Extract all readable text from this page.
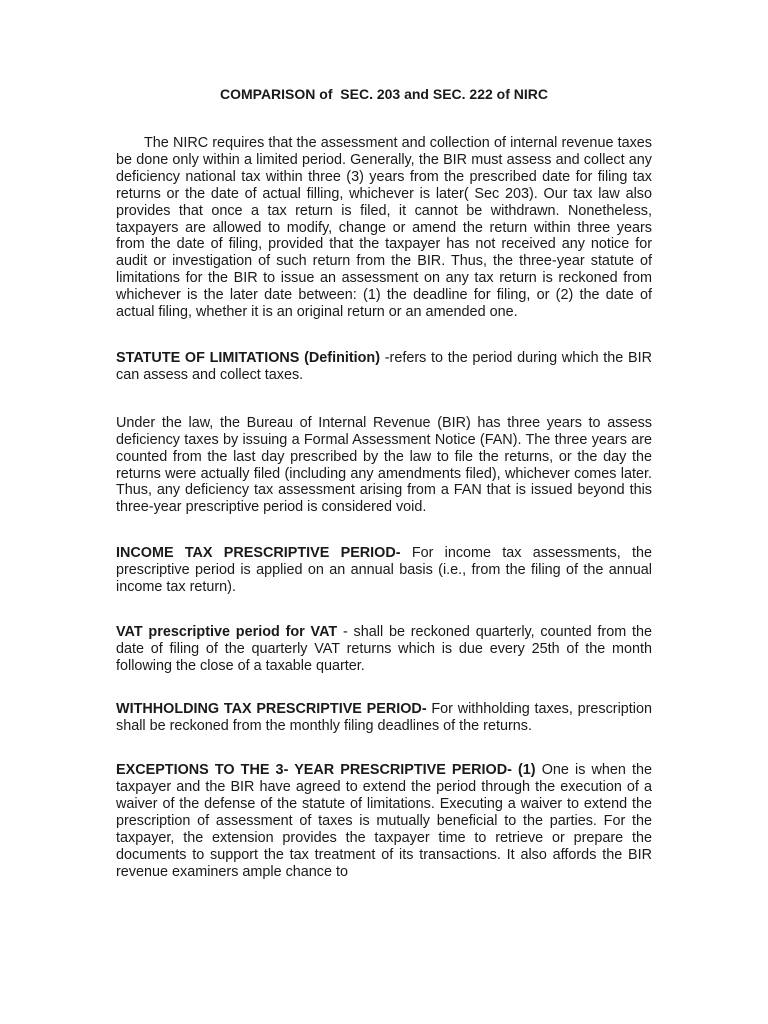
COMPARISON of  SEC. 203 and SEC. 222 of NIRC

The NIRC requires that the assessment and collection of internal revenue taxes be done only within a limited period. Generally, the BIR must assess and collect any deficiency national tax within three (3) years from the prescribed date for filing tax returns or the date of actual filling, whichever is later( Sec 203). Our tax law also provides that once a tax return is filed, it cannot be withdrawn. Nonetheless, taxpayers are allowed to modify, change or amend the return within three years from the date of filing, provided that the taxpayer has not received any notice for audit or investigation of such return from the BIR. Thus, the three-year statute of limitations for the BIR to issue an assessment on any tax return is reckoned from whichever is the later date between: (1) the deadline for filing, or (2) the date of actual filing, whether it is an original return or an amended one.

STATUTE OF LIMITATIONS (Definition) -refers to the period during which the BIR can assess and collect taxes.

Under the law, the Bureau of Internal Revenue (BIR) has three years to assess deficiency taxes by issuing a Formal Assessment Notice (FAN). The three years are counted from the last day prescribed by the law to file the returns, or the day the returns were actually filed (including any amendments filed), whichever comes later. Thus, any deficiency tax assessment arising from a FAN that is issued beyond this three-year prescriptive period is considered void.

INCOME TAX PRESCRIPTIVE PERIOD- For income tax assessments, the prescriptive period is applied on an annual basis (i.e., from the filing of the annual income tax return).

VAT prescriptive period for VAT - shall be reckoned quarterly, counted from the date of filing of the quarterly VAT returns which is due every 25th of the month following the close of a taxable quarter.

WITHHOLDING TAX PRESCRIPTIVE PERIOD- For withholding taxes, prescription shall be reckoned from the monthly filing deadlines of the returns.

EXCEPTIONS TO THE 3- YEAR PRESCRIPTIVE PERIOD- (1) One is when the taxpayer and the BIR have agreed to extend the period through the execution of a waiver of the defense of the statute of limitations. Executing a waiver to extend the prescription of assessment of taxes is mutually beneficial to the parties. For the taxpayer, the extension provides the taxpayer time to retrieve or prepare the documents to support the tax treatment of its transactions. It also affords the BIR revenue examiners ample chance to
